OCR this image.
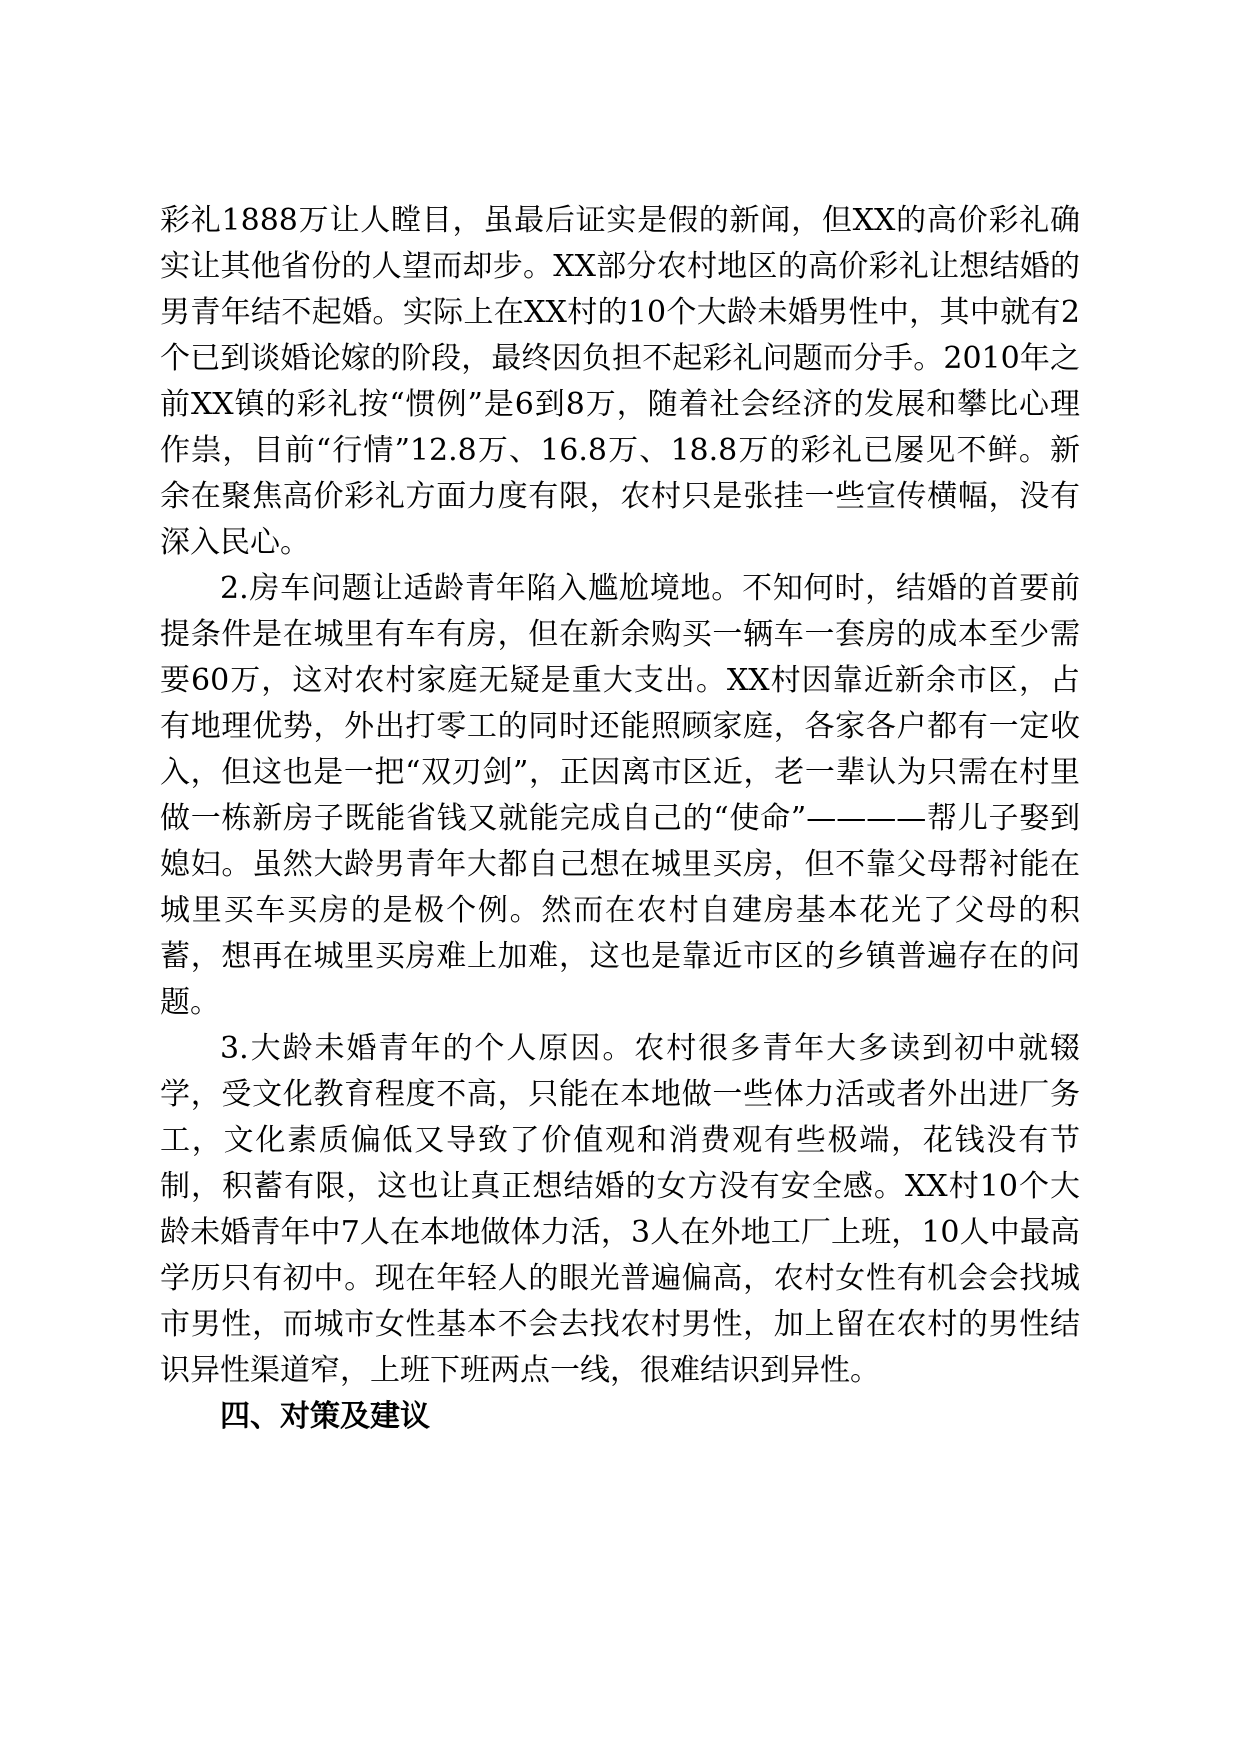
彩礼1888万让人瞠目，虽最后证实是假的新闻，但XX的高价彩礼确实让其他省份的人望而却步。XX部分农村地区的高价彩礼让想结婚的男青年结不起婚。实际上在XX村的10个大龄未婚男性中，其中就有2个已到谈婚论嫁的阶段，最终因负担不起彩礼问题而分手。2010年之前XX镇的彩礼按“惯例”是6到8万，随着社会经济的发展和攀比心理作祟，目前“行情”12.8万、16.8万、18.8万的彩礼已屡见不鲜。新余在聚焦高价彩礼方面力度有限，农村只是张挂一些宣传横幅，没有深入民心。

2.房车问题让适龄青年陷入尴尬境地。不知何时，结婚的首要前提条件是在城里有车有房，但在新余购买一辆车一套房的成本至少需要60万，这对农村家庭无疑是重大支出。XX村因靠近新余市区，占有地理优势，外出打零工的同时还能照顾家庭，各家各户都有一定收入，但这也是一把“双刃剑”，正因离市区近，老一辈认为只需在村里做一栋新房子既能省钱又就能完成自己的“使命”————帮儿子娶到媳妇。虽然大龄男青年大都自己想在城里买房，但不靠父母帮衬能在城里买车买房的是极个例。然而在农村自建房基本花光了父母的积蓄，想再在城里买房难上加难，这也是靠近市区的乡镇普遍存在的问题。

3.大龄未婚青年的个人原因。农村很多青年大多读到初中就辍学，受文化教育程度不高，只能在本地做一些体力活或者外出进厂务工，文化素质偏低又导致了价值观和消费观有些极端，花钱没有节制，积蓄有限，这也让真正想结婚的女方没有安全感。XX村10个大龄未婚青年中7人在本地做体力活，3人在外地工厂上班，10人中最高学历只有初中。现在年轻人的眼光普遍偏高，农村女性有机会会找城市男性，而城市女性基本不会去找农村男性，加上留在农村的男性结识异性渠道窄，上班下班两点一线，很难结识到异性。

四、对策及建议
